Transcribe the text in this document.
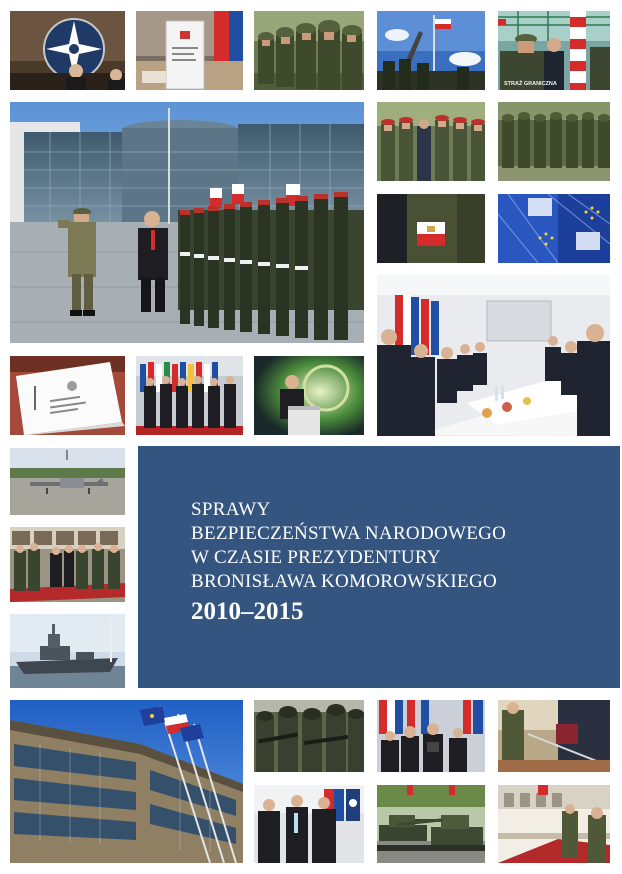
STRAŻ GRANICZNA
SPRAWY
BEZPIECZEŃSTWA NARODOWEGO
W CZASIE PREZYDENTURY
BRONISŁAWA KOMOROWSKIEGO
2010–2015
